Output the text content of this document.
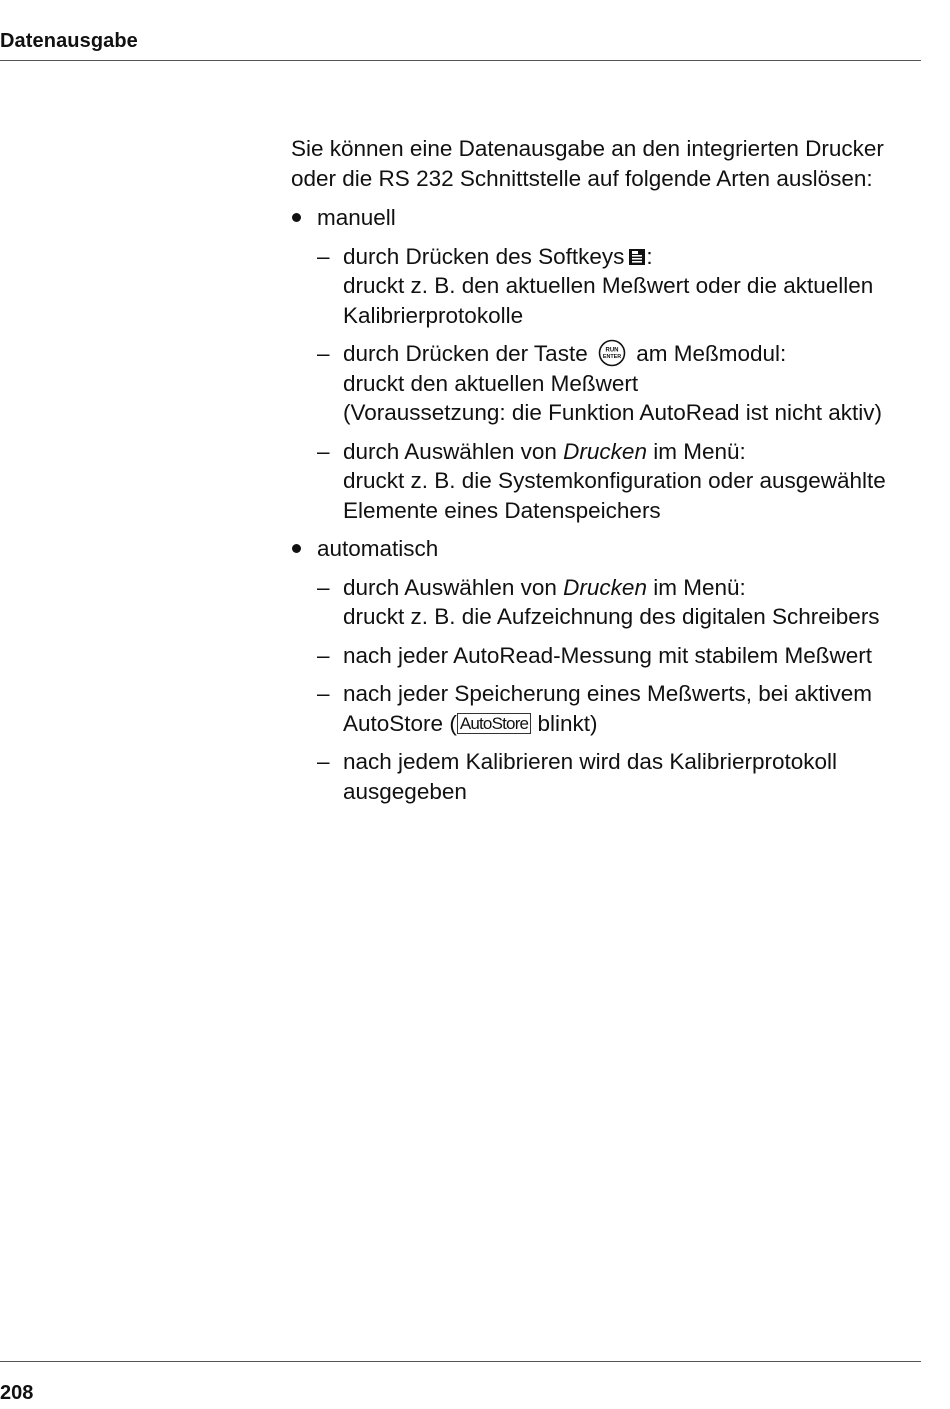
Datenausgabe

Sie können eine Datenausgabe an den integrierten Drucker
oder die RS 232 Schnittstelle auf folgende Arten auslösen:

manuell
– durch Drücken des Softkeys :
druckt z. B. den aktuellen Meßwert oder die aktuellen
Kalibrierprotokolle
– durch Drücken der Taste	RUN
ENTER am Meßmodul:
druckt den aktuellen Meßwert
(Voraussetzung: die Funktion AutoRead ist nicht aktiv)
– durch Auswählen von Drucken im Menü:
druckt z. B. die Systemkonfiguration oder ausgewählte
Elemente eines Datenspeichers
automatisch
– durch Auswählen von Drucken im Menü:
druckt z. B. die Aufzeichnung des digitalen Schreibers
– nach jeder AutoRead-Messung mit stabilem Meßwert
– nach jeder Speicherung eines Meßwerts, bei aktivem
AutoStore ( AutoStore blinkt)
– nach jedem Kalibrieren wird das Kalibrierprotokoll
ausgegeben
208
